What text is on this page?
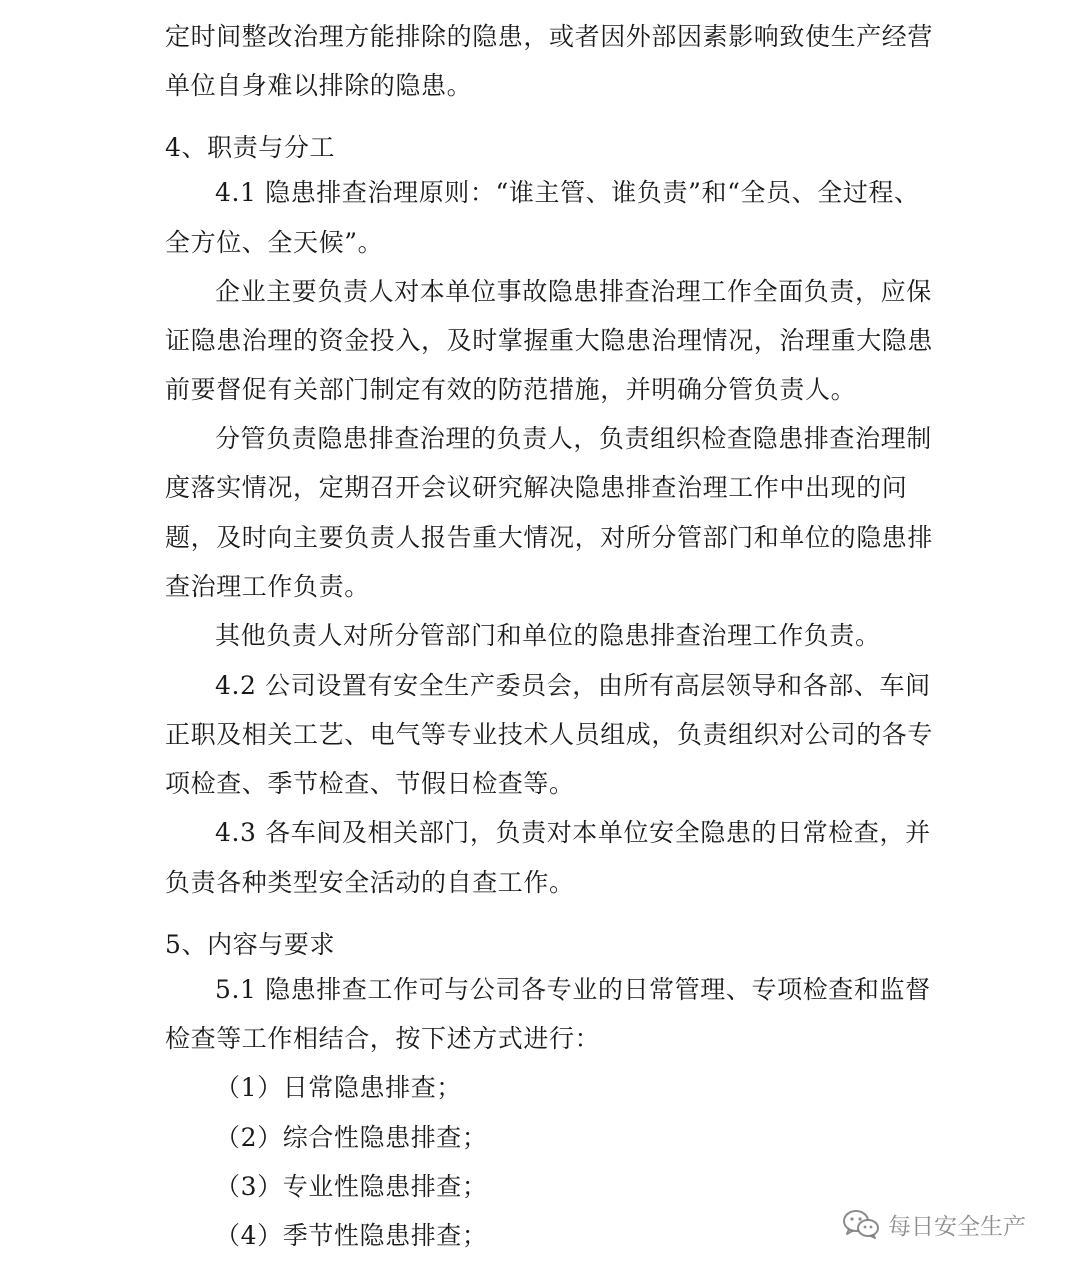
定时间整改治理方能排除的隐患，或者因外部因素影响致使生产经营
单位自身难以排除的隐患。
4、职责与分工
4.1 隐患排查治理原则：“谁主管、谁负责”和“全员、全过程、
全方位、全天候”。
企业主要负责人对本单位事故隐患排查治理工作全面负责，应保
证隐患治理的资金投入，及时掌握重大隐患治理情况，治理重大隐患
前要督促有关部门制定有效的防范措施，并明确分管负责人。
分管负责隐患排查治理的负责人，负责组织检查隐患排查治理制
度落实情况，定期召开会议研究解决隐患排查治理工作中出现的问
题，及时向主要负责人报告重大情况，对所分管部门和单位的隐患排
查治理工作负责。
其他负责人对所分管部门和单位的隐患排查治理工作负责。
4.2 公司设置有安全生产委员会，由所有高层领导和各部、车间
正职及相关工艺、电气等专业技术人员组成，负责组织对公司的各专
项检查、季节检查、节假日检查等。
4.3 各车间及相关部门，负责对本单位安全隐患的日常检查，并
负责各种类型安全活动的自查工作。
5、内容与要求
5.1 隐患排查工作可与公司各专业的日常管理、专项检查和监督
检查等工作相结合，按下述方式进行：
（1）日常隐患排查；
（2）综合性隐患排查；
（3）专业性隐患排查；
（4）季节性隐患排查；	每日安全生产
